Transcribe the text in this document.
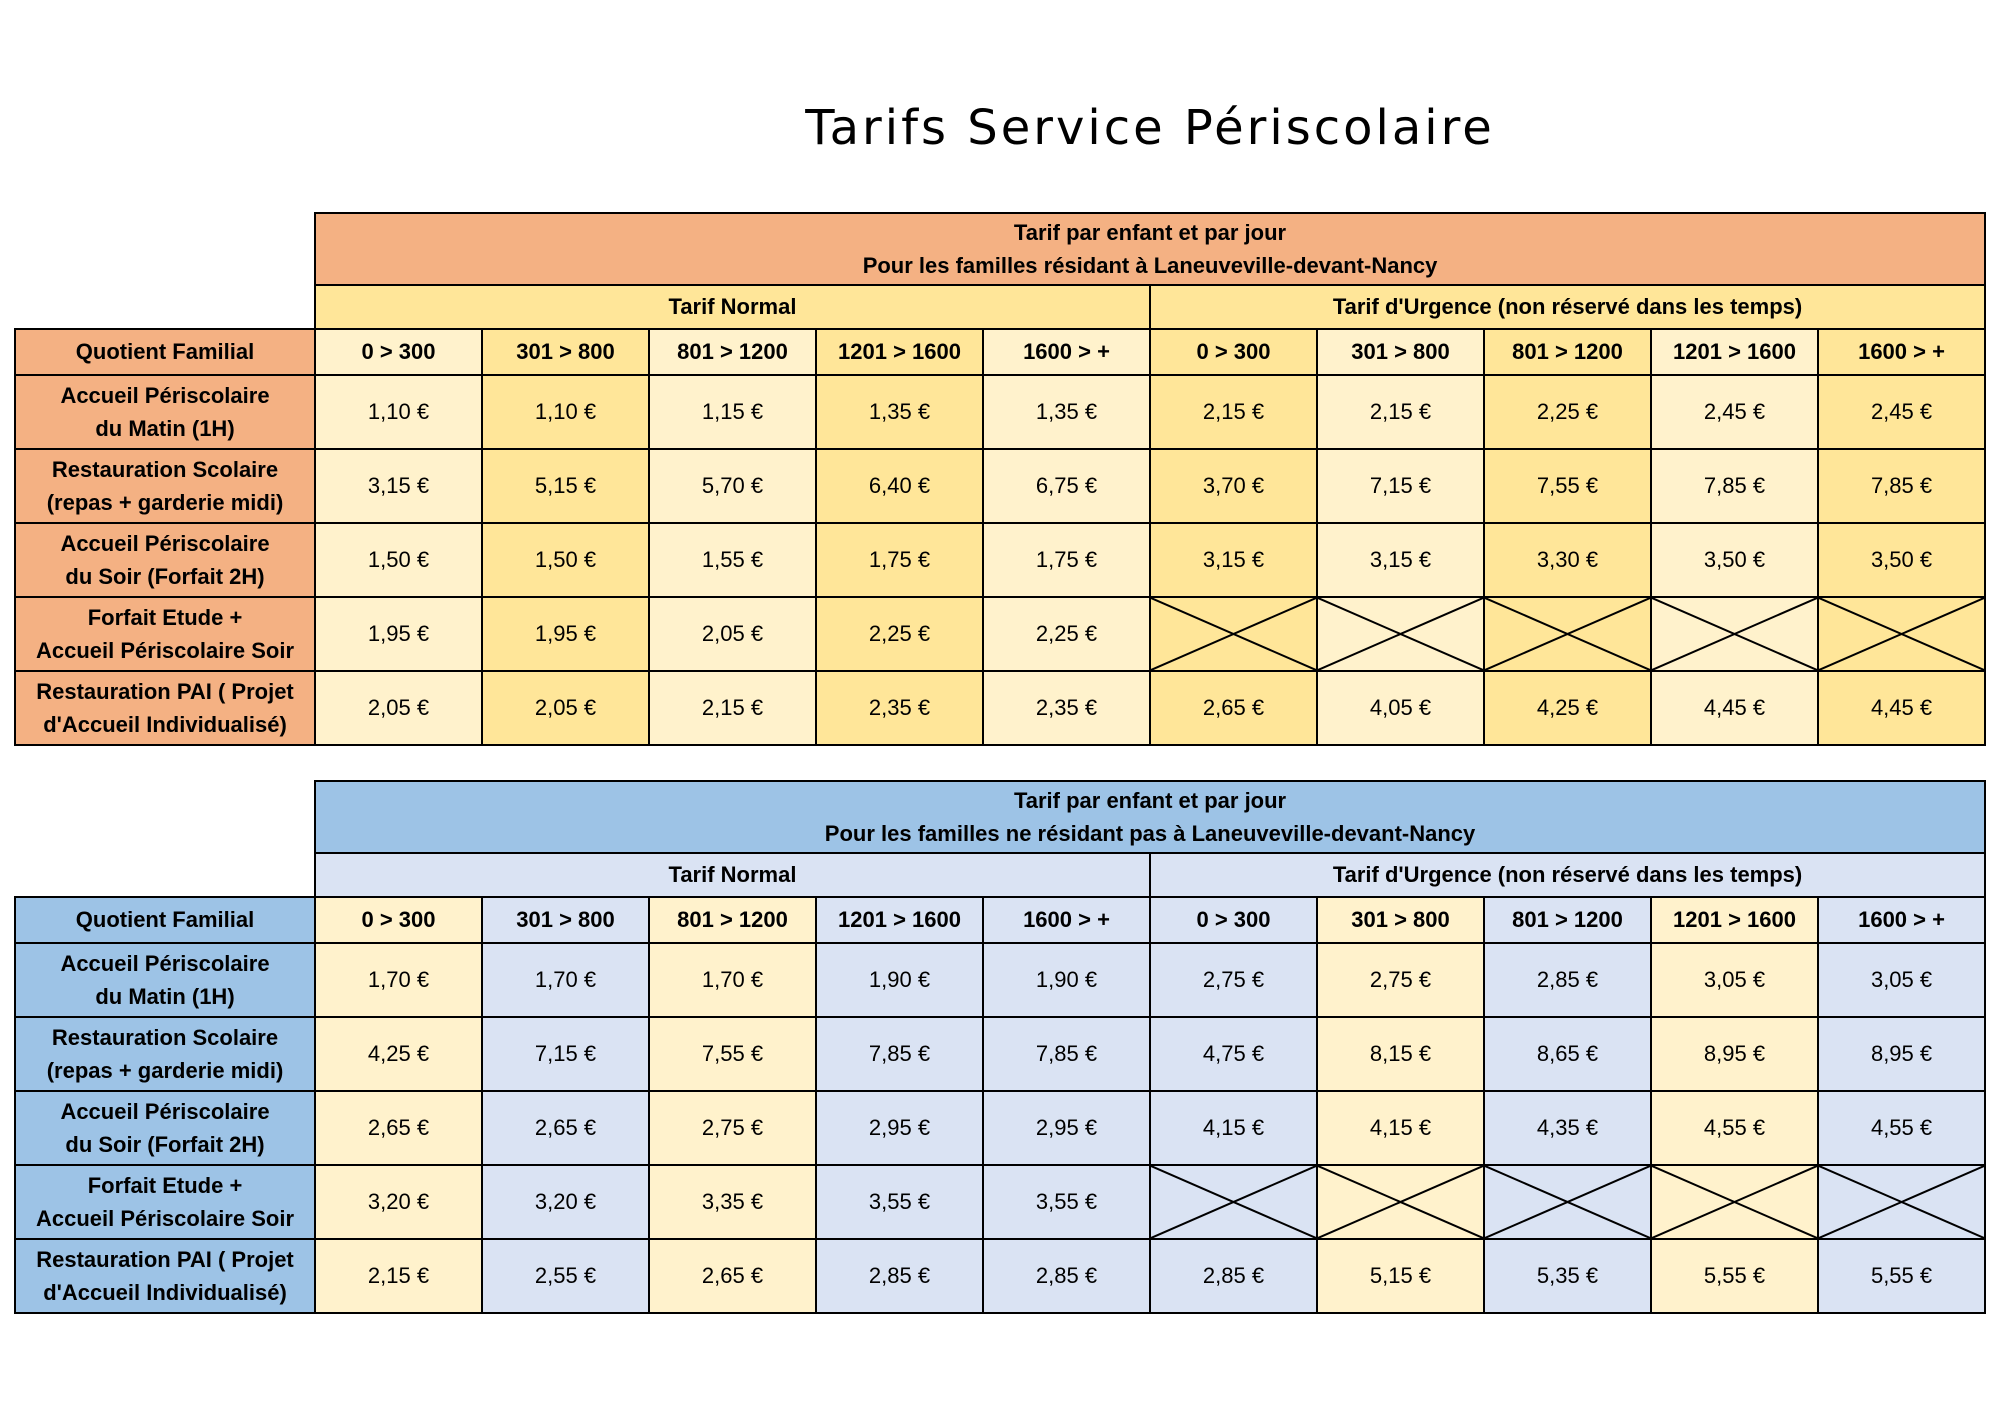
Tarifs Service Périscolaire

	Tarif par enfant et par jour
Pour les familles résidant à Laneuveville-devant-Nancy									

	Tarif Normal					Tarif d'Urgence (non réservé dans les temps)				
Quotient Familial	0 > 300	301 > 800	801 > 1200	1201 > 1600	1600 > +	0 > 300	301 > 800	801 > 1200	1201 > 1600	1600 > +

Accueil Périscolaire
du Matin (1H)	1,10 €	1,10 €	1,15 €	1,35 €	1,35 €	2,15 €	2,15 €	2,25 €	2,45 €	2,45 €

Restauration Scolaire
(repas + garderie midi)	3,15 €	5,15 €	5,70 €	6,40 €	6,75 €	3,70 €	7,15 €	7,55 €	7,85 €	7,85 €

Accueil Périscolaire
du Soir (Forfait 2H)	1,50 €	1,50 €	1,55 €	1,75 €	1,75 €	3,15 €	3,15 €	3,30 €	3,50 €	3,50 €

Forfait Etude +
Accueil Périscolaire Soir	1,95 €	1,95 €	2,05 €	2,25 €	2,25 €	

Restauration PAI ( Projet
d'Accueil Individualisé)	2,05 €	2,05 €	2,15 €	2,35 €	2,35 €	2,65 €	4,05 €	4,25 €	4,45 €	4,45 €

	Tarif par enfant et par jour
Pour les familles ne résidant pas à Laneuveville-devant-Nancy									

	Tarif Normal					Tarif d'Urgence (non réservé dans les temps)				
Quotient Familial	0 > 300	301 > 800	801 > 1200	1201 > 1600	1600 > +	0 > 300	301 > 800	801 > 1200	1201 > 1600	1600 > +

Accueil Périscolaire
du Matin (1H)	1,70 €	1,70 €	1,70 €	1,90 €	1,90 €	2,75 €	2,75 €	2,85 €	3,05 €	3,05 €

Restauration Scolaire
(repas + garderie midi)	4,25 €	7,15 €	7,55 €	7,85 €	7,85 €	4,75 €	8,15 €	8,65 €	8,95 €	8,95 €

Accueil Périscolaire
du Soir (Forfait 2H)	2,65 €	2,65 €	2,75 €	2,95 €	2,95 €	4,15 €	4,15 €	4,35 €	4,55 €	4,55 €

Forfait Etude +
Accueil Périscolaire Soir	3,20 €	3,20 €	3,35 €	3,55 €	3,55 €	

Restauration PAI ( Projet
d'Accueil Individualisé)	2,15 €	2,55 €	2,65 €	2,85 €	2,85 €	2,85 €	5,15 €	5,35 €	5,55 €	5,55 €
